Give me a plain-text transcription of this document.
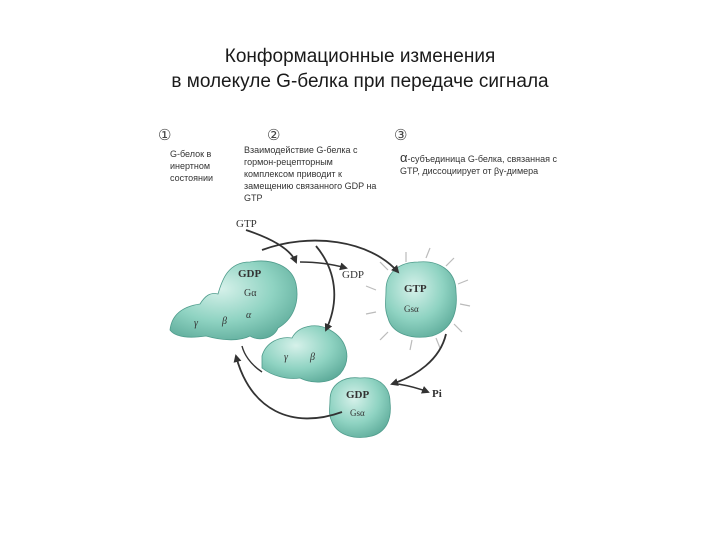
Конформационные изменения
в молекуле G-белка при передаче сигнала
①	②	③
G-белок в инертном состоянии
Взаимодействие G-белка с гормон-рецепторным комплексом приводит к замещению связанного GDP на GTP
α-субъединица G-белка, связанная с GTP, диссоциирует от βγ-димера
GTP
GDP
Pi
GDP
Gα
α
β
γ
γ β
GTP
Gsα
GDP
Gsα
